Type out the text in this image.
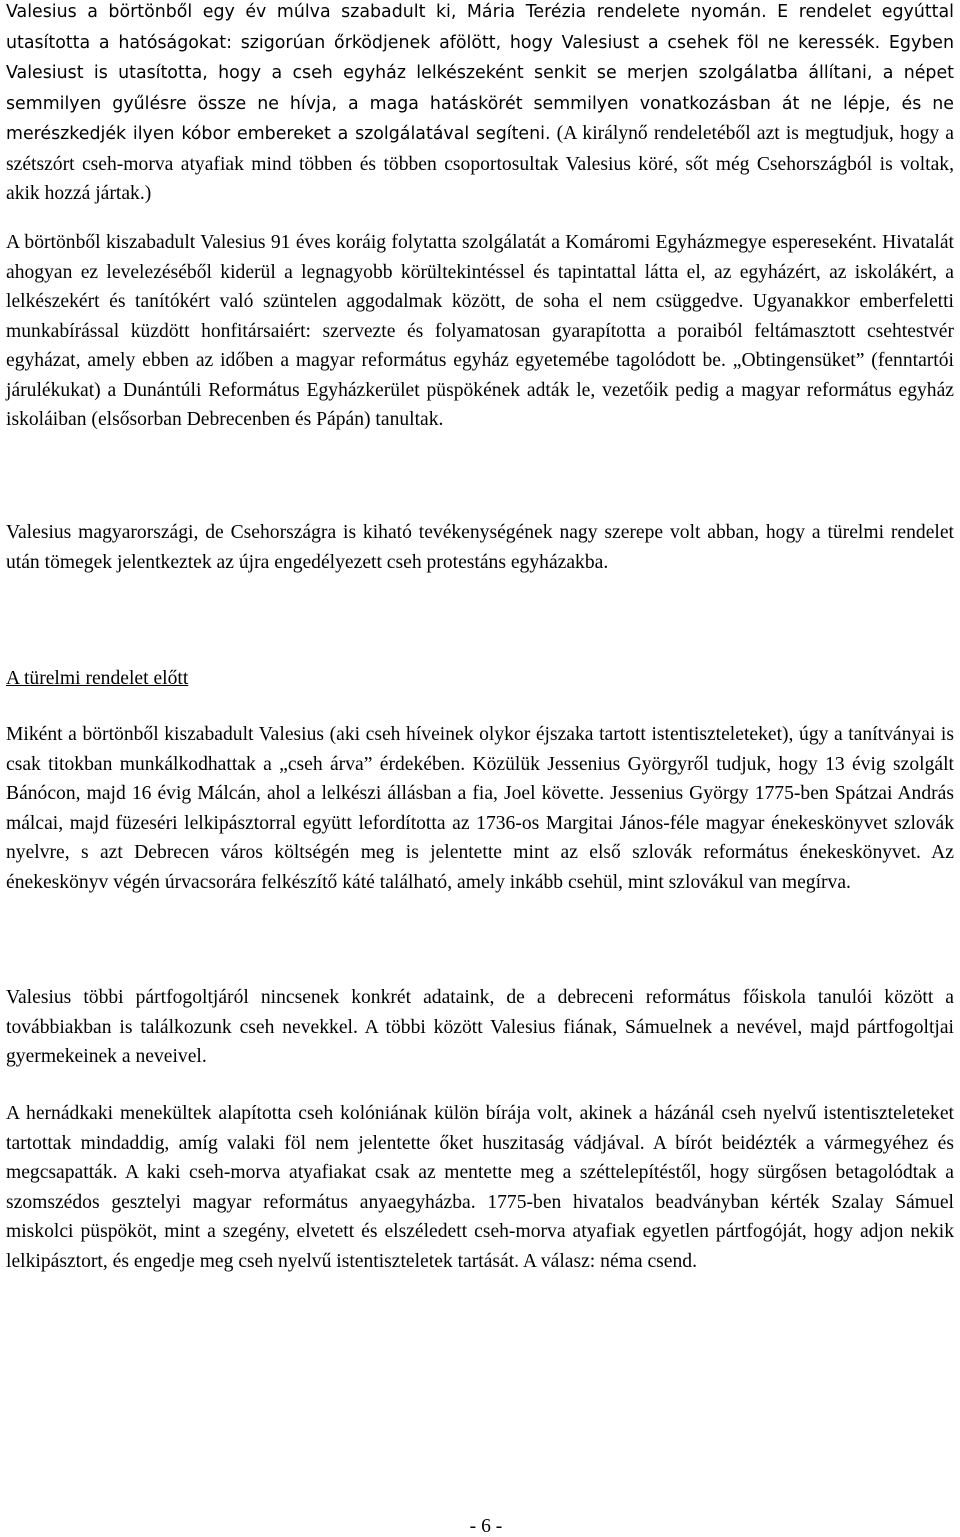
Valesius a börtönből egy év múlva szabadult ki, Mária Terézia rendelete nyomán. E rendelet egyúttal utasította a hatóságokat: szigorúan őrködjenek afölött, hogy Valesiust a csehek föl ne keressék. Egyben Valesiust is utasította, hogy a cseh egyház lelkészeként senkit se merjen szolgálatba állítani, a népet semmilyen gyűlésre össze ne hívja, a maga hatáskörét semmilyen vonatkozásban át ne lépje, és ne merészkedjék ilyen kóbor embereket a szolgálatával segíteni. (A királynő rendeletéből azt is megtudjuk, hogy a szétszórt cseh-morva atyafiak mind többen és többen csoportosultak Valesius köré, sőt még Csehországból is voltak, akik hozzá jártak.)

A börtönből kiszabadult Valesius 91 éves koráig folytatta szolgálatát a Komáromi Egyházmegye espereseként. Hivatalát ahogyan ez levelezéséből kiderül a legnagyobb körültekintéssel és tapintattal látta el, az egyházért, az iskolákért, a lelkészekért és tanítókért való szüntelen aggodalmak között, de soha el nem csüggedve. Ugyanakkor emberfeletti munkabírással küzdött honfitársaiért: szervezte és folyamatosan gyarapította a poraiból feltámasztott csehtestvér egyházat, amely ebben az időben a magyar református egyház egyetemébe tagolódott be. „Obtingensüket” (fenntartói járulékukat) a Dunántúli Református Egyházkerület püspökének adták le, vezetőik pedig a magyar református egyház iskoláiban (elsősorban Debrecenben és Pápán) tanultak.

Valesius magyarországi, de Csehországra is kiható tevékenységének nagy szerepe volt abban, hogy a türelmi rendelet után tömegek jelentkeztek az újra engedélyezett cseh protestáns egyházakba.

A türelmi rendelet előtt

Miként a börtönből kiszabadult Valesius (aki cseh híveinek olykor éjszaka tartott istentiszteleteket), úgy a tanítványai is csak titokban munkálkodhattak a „cseh árva” érdekében. Közülük Jessenius Györgyről tudjuk, hogy 13 évig szolgált Bánócon, majd 16 évig Málcán, ahol a lelkészi állásban a fia, Joel követte. Jessenius György 1775-ben Spátzai András málcai, majd füzeséri lelkipásztorral együtt lefordította az 1736-os Margitai János-féle magyar énekeskönyvet szlovák nyelvre, s azt Debrecen város költségén meg is jelentette mint az első szlovák református énekeskönyvet. Az énekeskönyv végén úrvacsorára felkészítő káté található, amely inkább csehül, mint szlovákul van megírva.

Valesius többi pártfogoltjáról nincsenek konkrét adataink, de a debreceni református főiskola tanulói között a továbbiakban is találkozunk cseh nevekkel. A többi között Valesius fiának, Sámuelnek a nevével, majd pártfogoltjai gyermekeinek a neveivel.

A hernádkaki menekültek alapította cseh kolóniának külön bírája volt, akinek a házánál cseh nyelvű istentiszteleteket tartottak mindaddig, amíg valaki föl nem jelentette őket huszitaság vádjával. A bírót beidézték a vármegyéhez és megcsapatták. A kaki cseh-morva atyafiakat csak az mentette meg a széttelepítéstől, hogy sürgősen betagolódtak a szomszédos gesztelyi magyar református anyaegyházba. 1775-ben hivatalos beadványban kérték Szalay Sámuel miskolci püspököt, mint a szegény, elvetett és elszéledett cseh-morva atyafiak egyetlen pártfogóját, hogy adjon nekik lelkipásztort, és engedje meg cseh nyelvű istentiszteletek tartását. A válasz: néma csend.

- 6 -
